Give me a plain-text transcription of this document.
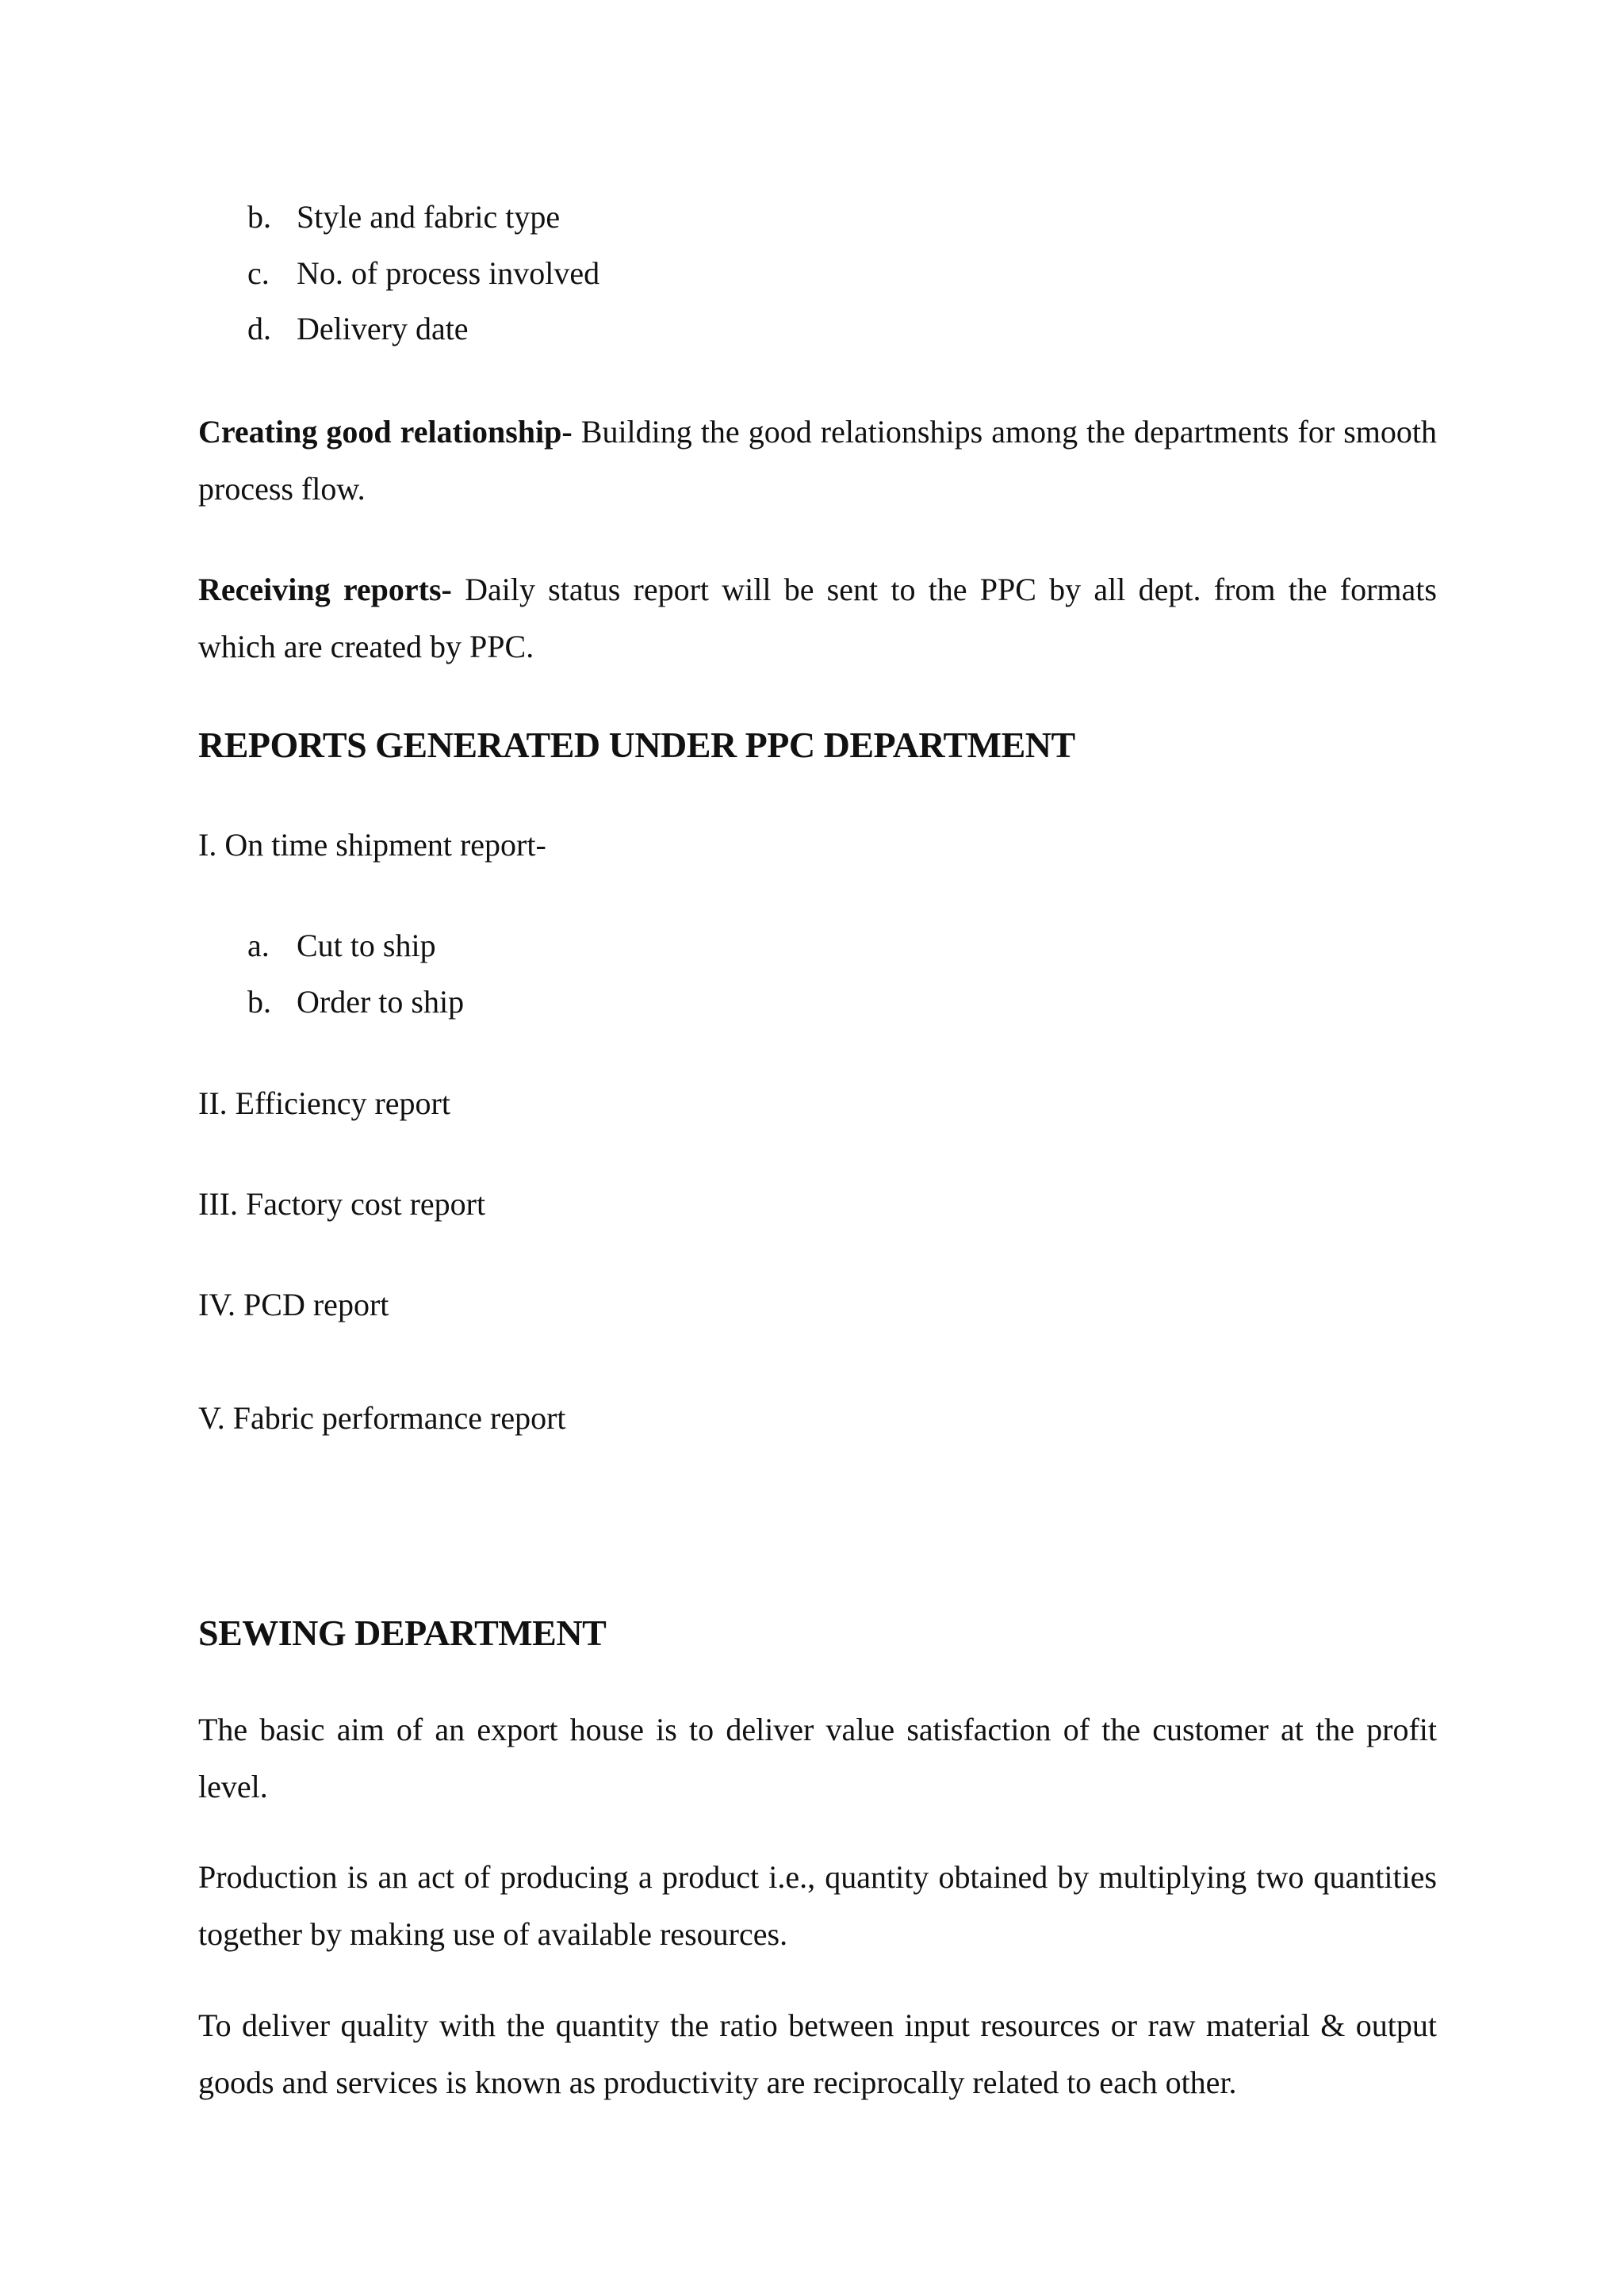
b. Style and fabric type
c. No. of process involved
d. Delivery date

Creating good relationship- Building the good relationships among the departments for smooth process flow.

Receiving reports- Daily status report will be sent to the PPC by all dept. from the formats which are created by PPC.

REPORTS GENERATED UNDER PPC DEPARTMENT
I. On time shipment report-
a. Cut to ship
b. Order to ship
II. Efficiency report
III. Factory cost report
IV. PCD report
V. Fabric performance report
SEWING DEPARTMENT

The basic aim of an export house is to deliver value satisfaction of the customer at the profit level.

Production is an act of producing a product i.e., quantity obtained by multiplying two quantities together by making use of available resources.

To deliver quality with the quantity the ratio between input resources or raw material & output goods and services is known as productivity are reciprocally related to each other.
